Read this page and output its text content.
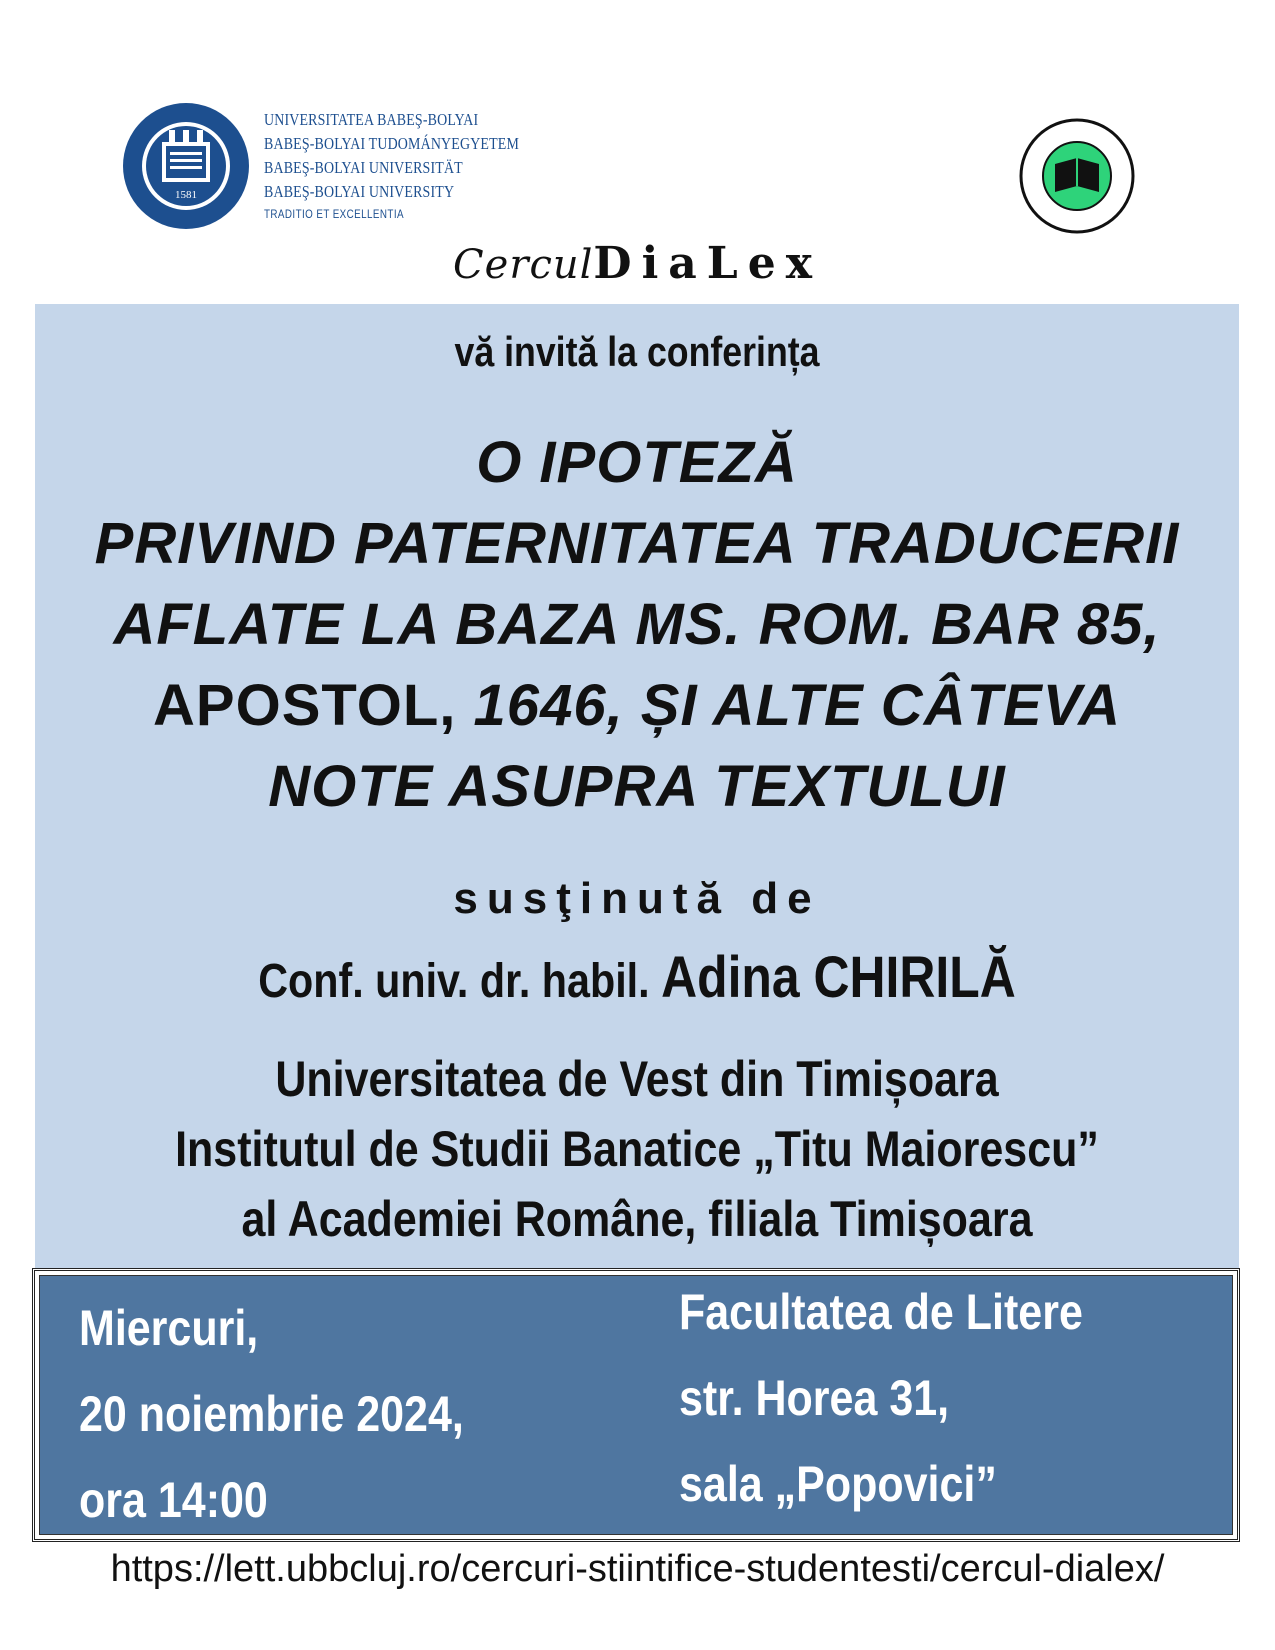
1581
UNIVERSITATEA BABEŞ-BOLYAI
BABEŞ-BOLYAI TUDOMÁNYEGYETEM
BABEŞ-BOLYAI UNIVERSITÄT
BABEŞ-BOLYAI UNIVERSITY
TRADITIO ET EXCELLENTIA
CerculDiaLex
vă invită la conferința
O IPOTEZĂ
PRIVIND PATERNITATEA TRADUCERII
AFLATE LA BAZA MS. ROM. BAR 85,
APOSTOL, 1646, ȘI ALTE CÂTEVA
NOTE ASUPRA TEXTULUI
susţinută de
Conf. univ. dr. habil. Adina CHIRILĂ
Universitatea de Vest din Timișoara
Institutul de Studii Banatice „Titu Maiorescu”
al Academiei Române, filiala Timișoara
Miercuri,
20 noiembrie 2024,
ora 14:00
Facultatea de Litere
str. Horea 31,
sala „Popovici”
https://lett.ubbcluj.ro/cercuri-stiintifice-studentesti/cercul-dialex/
